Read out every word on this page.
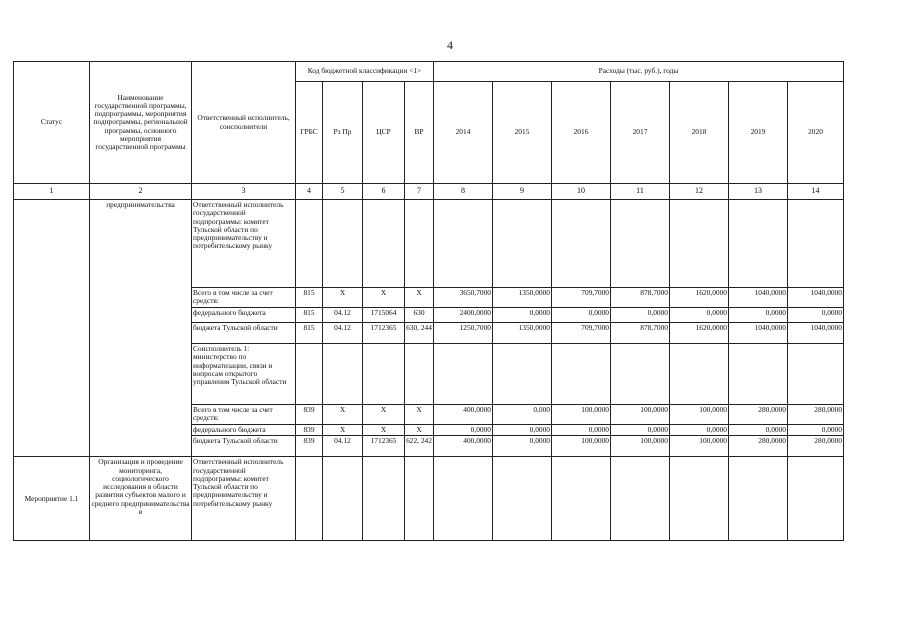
4
Статус	Наименование государственной программы, подпрограммы, мероприятия подпрограммы, региональной программы, основного мероприятия государственной программы	Ответственный исполнитель, соисполнители	Код бюджетной классификации <1>				Расходы (тыс. руб.), годы						
			ГРБС	Рз Пр	ЦСР	ВР	2014	2015	2016	2017	2018	2019	2020
1	2	3	4	5	6	7	8	9	10	11	12	13	14
	предпринимательства	Ответственный исполнитель государственной подпрограммы: комитет Тульской области по предпринимательству и потребительскому рынку											
		Всего в том числе за счет средств:	815	X	X	X	3650,7000	1350,0000	709,7000	878,7000	1620,0000	1040,0000	1040,0000
		федерального бюджета	815	04.12	1715064	630	2400,0000	0,0000	0,0000	0,0000	0,0000	0,0000	0,0000
		бюджета Тульской области	815	04.12	1712365	630, 244	1250,7000	1350,0000	709,7000	878,7000	1620,0000	1040,0000	1040,0000
		Соисполнитель 1: министерство по информатизации, связи и вопросам открытого управления Тульской области											
		Всего в том числе за счет средств:	839	X	X	X	400,0000	0,000	100,0000	100,0000	100,0000	280,0000	280,0000
		федерального бюджета	839	X	X	X	0,0000	0,0000	0,0000	0,0000	0,0000	0,0000	0,0000
		бюджета Тульской области	839	04.12	1712365	622, 242	400,0000	0,0000	100,0000	100,0000	100,0000	280,0000	280,0000
Мероприятие 1.1	Организация и проведение мониторинга, социологического исследования в области развития субъектов малого и среднего предпринимательства в	Ответственный исполнитель государственной подпрограммы: комитет Тульской области по предпринимательству и потребительскому рынку											
